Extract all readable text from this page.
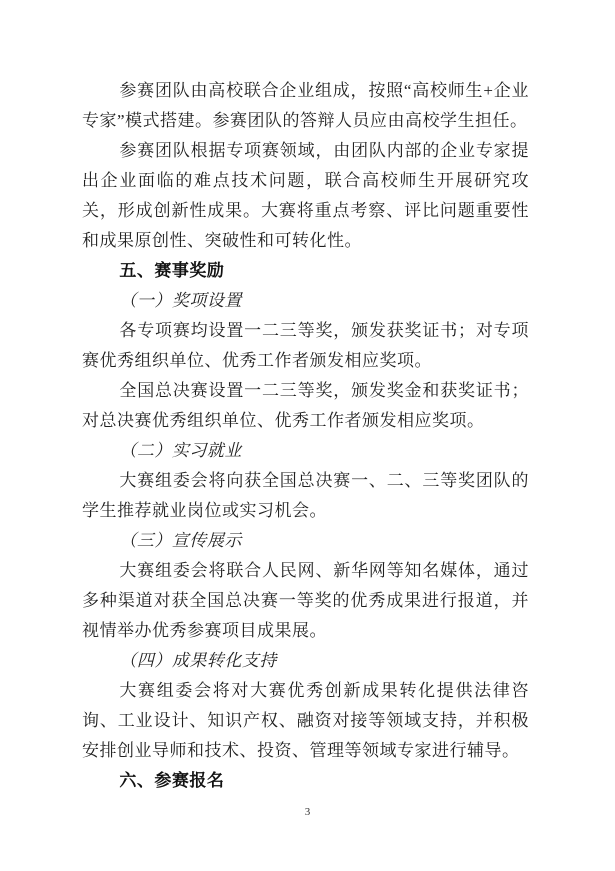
参赛团队由高校联合企业组成，按照“高校师生+企业专家”模式搭建。参赛团队的答辩人员应由高校学生担任。

参赛团队根据专项赛领域，由团队内部的企业专家提出企业面临的难点技术问题，联合高校师生开展研究攻关，形成创新性成果。大赛将重点考察、评比问题重要性和成果原创性、突破性和可转化性。

五、赛事奖励

（一）奖项设置

各专项赛均设置一二三等奖，颁发获奖证书；对专项赛优秀组织单位、优秀工作者颁发相应奖项。

全国总决赛设置一二三等奖，颁发奖金和获奖证书；对总决赛优秀组织单位、优秀工作者颁发相应奖项。

（二）实习就业

大赛组委会将向获全国总决赛一、二、三等奖团队的学生推荐就业岗位或实习机会。

（三）宣传展示

大赛组委会将联合人民网、新华网等知名媒体，通过多种渠道对获全国总决赛一等奖的优秀成果进行报道，并视情举办优秀参赛项目成果展。

（四）成果转化支持

大赛组委会将对大赛优秀创新成果转化提供法律咨询、工业设计、知识产权、融资对接等领域支持，并积极安排创业导师和技术、投资、管理等领域专家进行辅导。

六、参赛报名

3
